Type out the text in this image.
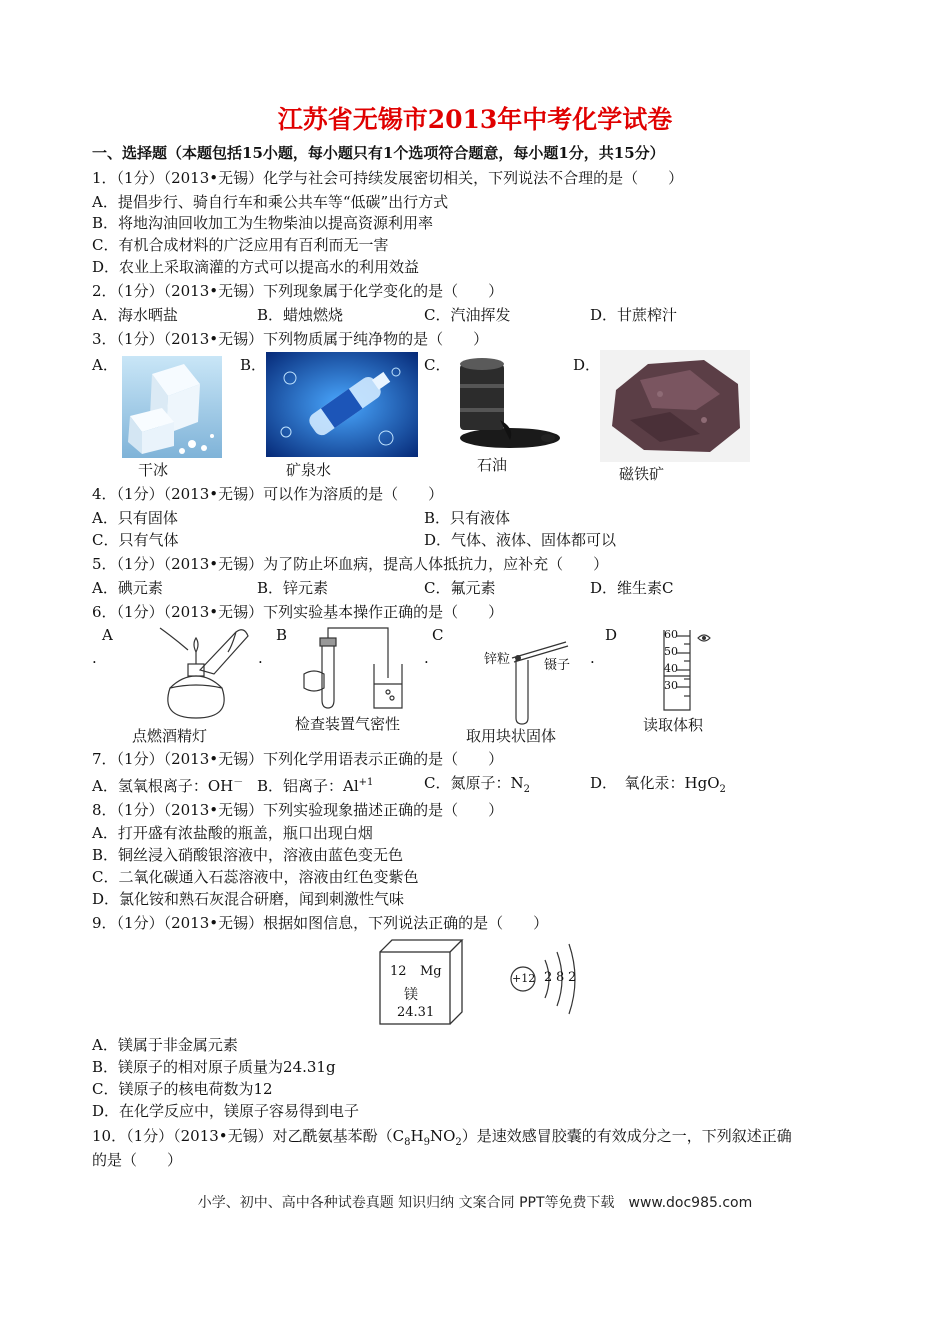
江苏省无锡市2013年中考化学试卷
一、选择题（本题包括15小题，每小题只有1个选项符合题意，每小题1分，共15分）
1．（1分）（2013•无锡）化学与社会可持续发展密切相关，下列说法不合理的是（　　）
A．提倡步行、骑自行车和乘公共车等“低碳”出行方式
B．将地沟油回收加工为生物柴油以提高资源利用率
C．有机合成材料的广泛应用有百利而无一害
D．农业上采取滴灌的方式可以提高水的利用效益
2．（1分）（2013•无锡）下列现象属于化学变化的是（　　）
A．海水晒盐	B．蜡烛燃烧	C．汽油挥发	D．甘蔗榨汁
3．（1分）（2013•无锡）下列物质属于纯净物的是（　　）
A．	B．	C．	D．
干冰	矿泉水	石油	磁铁矿
4．（1分）（2013•无锡）可以作为溶质的是（　　）
A．只有固体	B．只有液体
C．只有气体	D．气体、液体、固体都可以
5．（1分）（2013•无锡）为了防止坏血病，提高人体抵抗力，应补充（　　）
A．碘元素	B．锌元素	C．氟元素	D．维生素C
6．（1分）（2013•无锡）下列实验基本操作正确的是（　　）
A
.
B
.
C
.
D
.
点燃酒精灯
检查装置气密性
锌粒	镊子
取用块状固体
60
50
40
30
读取体积
7．（1分）（2013•无锡）下列化学用语表示正确的是（　　）
A．氢氧根离子：OH－ B．铝离子：$Al^{+1}$	C．氮原子：$N_2$	D．　氧化汞：HgO$_2$
8．（1分）（2013•无锡）下列实验现象描述正确的是（　　）
A．打开盛有浓盐酸的瓶盖，瓶口出现白烟
B．铜丝浸入硝酸银溶液中，溶液由蓝色变无色
C．二氧化碳通入石蕊溶液中，溶液由红色变紫色
D．氯化铵和熟石灰混合研磨，闻到刺激性气味
9．（1分）（2013•无锡）根据如图信息，下列说法正确的是（　　）
12 Mg
镁
24.31
+12 2 8 2
A．镁属于非金属元素
B．镁原子的相对原子质量为24.31g
C．镁原子的核电荷数为12
D．在化学反应中，镁原子容易得到电子
10．（1分）（2013•无锡）对乙酰氨基苯酚$(C_8H_9NO_2)$是速效感冒胶囊的有效成分之一，下列叙述正确
的是（　　）
小学、初中、高中各种试卷真题 知识归纳 文案合同 PPT等免费下载　www.doc985.com
